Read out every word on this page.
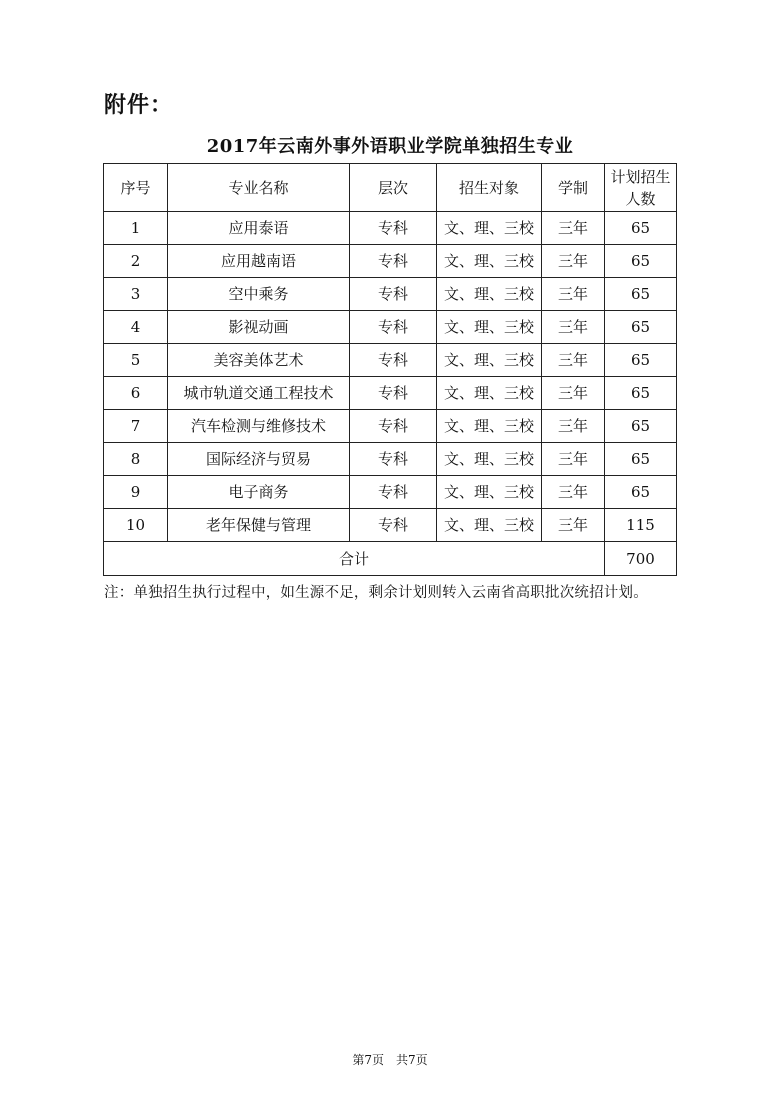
附件：
2017年云南外事外语职业学院单独招生专业
序号	专业名称	层次	招生对象	学制	计划招生人数
1	应用泰语	专科	文、理、三校	三年	65
2	应用越南语	专科	文、理、三校	三年	65
3	空中乘务	专科	文、理、三校	三年	65
4	影视动画	专科	文、理、三校	三年	65
5	美容美体艺术	专科	文、理、三校	三年	65
6	城市轨道交通工程技术	专科	文、理、三校	三年	65
7	汽车检测与维修技术	专科	文、理、三校	三年	65
8	国际经济与贸易	专科	文、理、三校	三年	65
9	电子商务	专科	文、理、三校	三年	65
10	老年保健与管理	专科	文、理、三校	三年	115
合计					700
注：单独招生执行过程中，如生源不足，剩余计划则转入云南省高职批次统招计划。
第7页　共7页
